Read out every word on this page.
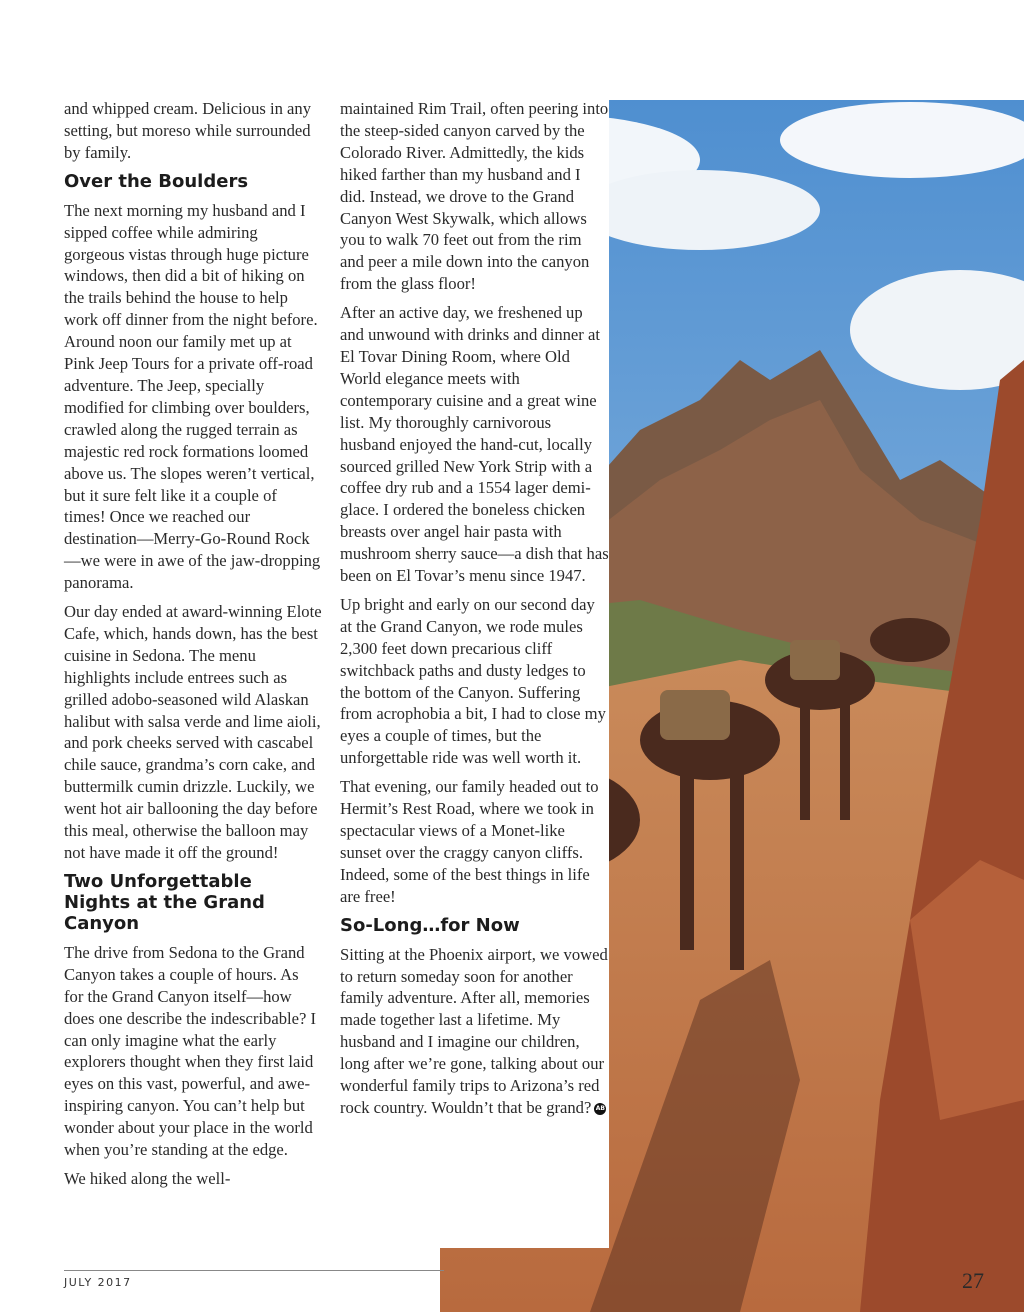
and whipped cream. Delicious in any setting, but moreso while surrounded by family.

Over the Boulders

The next morning my husband and I sipped coffee while admiring gorgeous vistas through huge picture windows, then did a bit of hiking on the trails behind the house to help work off dinner from the night before. Around noon our family met up at Pink Jeep Tours for a private off-road adventure. The Jeep, specially modified for climbing over boulders, crawled along the rugged terrain as majestic red rock formations loomed above us. The slopes weren’t vertical, but it sure felt like it a couple of times! Once we reached our destination—Merry-Go-Round Rock—we were in awe of the jaw-dropping panorama.

Our day ended at award-winning Elote Cafe, which, hands down, has the best cuisine in Sedona. The menu highlights include entrees such as grilled adobo-seasoned wild Alaskan halibut with salsa verde and lime aioli, and pork cheeks served with cascabel chile sauce, grandma’s corn cake, and buttermilk cumin drizzle. Luckily, we went hot air ballooning the day before this meal, otherwise the balloon may not have made it off the ground!

Two Unforgettable Nights at the Grand Canyon

The drive from Sedona to the Grand Canyon takes a couple of hours. As for the Grand Canyon itself—how does one describe the indescribable? I can only imagine what the early explorers thought when they first laid eyes on this vast, powerful, and awe-inspiring canyon. You can’t help but wonder about your place in the world when you’re standing at the edge.

We hiked along the well-

maintained Rim Trail, often peering into the steep-sided canyon carved by the Colorado River. Admittedly, the kids hiked farther than my husband and I did. Instead, we drove to the Grand Canyon West Skywalk, which allows you to walk 70 feet out from the rim and peer a mile down into the canyon from the glass floor!

After an active day, we freshened up and unwound with drinks and dinner at El Tovar Dining Room, where Old World elegance meets with contemporary cuisine and a great wine list. My thoroughly carnivorous husband enjoyed the hand-cut, locally sourced grilled New York Strip with a coffee dry rub and a 1554 lager demi-glace. I ordered the boneless chicken breasts over angel hair pasta with mushroom sherry sauce—a dish that has been on El Tovar’s menu since 1947.

Up bright and early on our second day at the Grand Canyon, we rode mules 2,300 feet down precarious cliff switchback paths and dusty ledges to the bottom of the Canyon. Suffering from acrophobia a bit, I had to close my eyes a couple of times, but the unforgettable ride was well worth it.

That evening, our family headed out to Hermit’s Rest Road, where we took in spectacular views of a Monet-like sunset over the craggy canyon cliffs. Indeed, some of the best things in life are free!

So-Long…for Now

Sitting at the Phoenix airport, we vowed to return someday soon for another family adventure. After all, memories made together last a lifetime. My husband and I imagine our children, long after we’re gone, talking about our wonderful family trips to Arizona’s red rock country. Wouldn’t that be grand? AB

JULY 2017	27
